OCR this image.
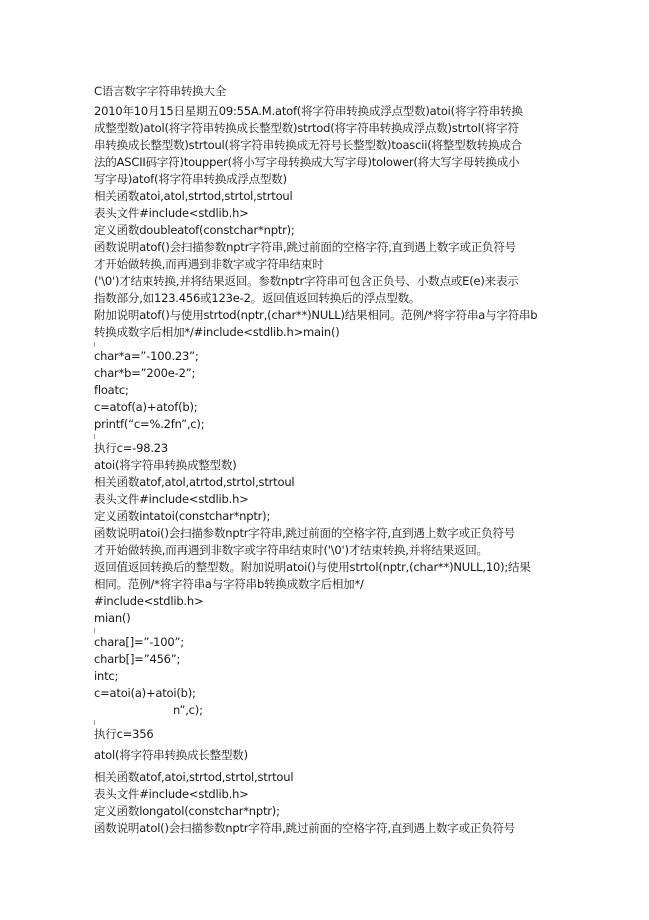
C语言数字字符串转换大全
2010年10月15日星期五09:55A.M.atof(将字符串转换成浮点型数)atoi(将字符串转换
成整型数)atol(将字符串转换成长整型数)strtod(将字符串转换成浮点数)strtol(将字符
串转换成长整型数)strtoul(将字符串转换成无符号长整型数)toascii(将整型数转换成合
法的ASCII码字符)toupper(将小写字母转换成大写字母)tolower(将大写字母转换成小
写字母)atof(将字符串转换成浮点型数)
相关函数atoi,atol,strtod,strtol,strtoul
表头文件#include<stdlib.h>
定义函数doubleatof(constchar*nptr);
函数说明atof()会扫描参数nptr字符串,跳过前面的空格字符,直到遇上数字或正负符号
才开始做转换,而再遇到非数字或字符串结束时
('\0')才结束转换,并将结果返回。参数nptr字符串可包含正负号、小数点或E(e)来表示
指数部分,如123.456或123e-2。返回值返回转换后的浮点型数。
附加说明atof()与使用strtod(nptr,(char**)NULL)结果相同。范例/*将字符串a与字符串b
转换成数字后相加*/#include<stdlib.h>main()
char*a=”-100.23”;
char*b=”200e-2”;
floatc;
c=atof(a)+atof(b);
printf(“c=%.2fn”,c);
执行c=-98.23
atoi(将字符串转换成整型数)
相关函数atof,atol,atrtod,strtol,strtoul
表头文件#include<stdlib.h>
定义函数intatoi(constchar*nptr);
函数说明atoi()会扫描参数nptr字符串,跳过前面的空格字符,直到遇上数字或正负符号
才开始做转换,而再遇到非数字或字符串结束时('\0')才结束转换,并将结果返回。
返回值返回转换后的整型数。附加说明atoi()与使用strtol(nptr,(char**)NULL,10);结果
相同。范例/*将字符串a与字符串b转换成数字后相加*/
#include<stdlib.h>
mian()
chara[]=”-100”;
charb[]=”456”;
intc;
c=atoi(a)+atoi(b);
n”,c);
执行c=356
atol(将字符串转换成长整型数)
相关函数atof,atoi,strtod,strtol,strtoul
表头文件#include<stdlib.h>
定义函数longatol(constchar*nptr);
函数说明atol()会扫描参数nptr字符串,跳过前面的空格字符,直到遇上数字或正负符号
